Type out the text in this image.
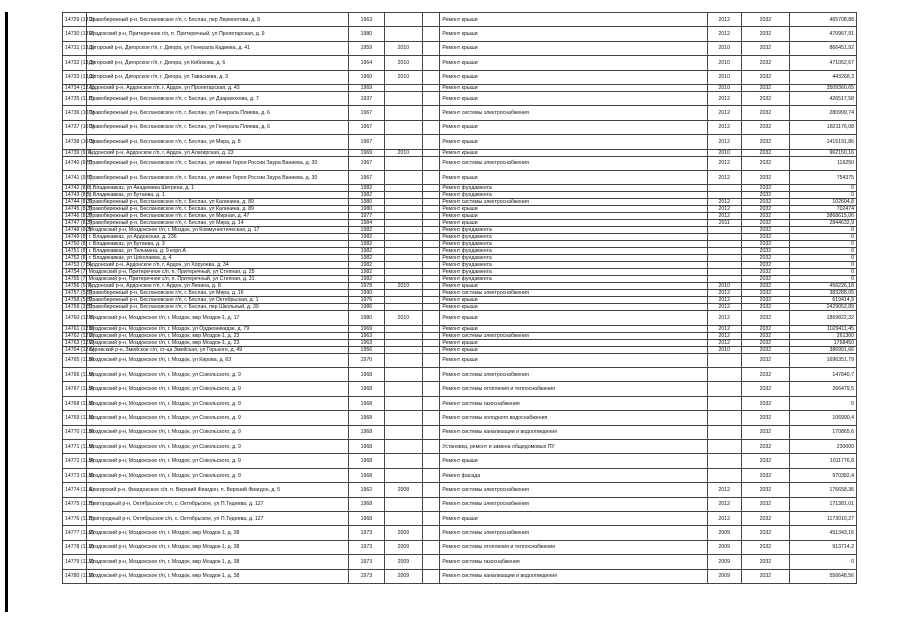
14729 (13.2)	Правобережный р-н, Беслановское г/п, г. Беслан, пер Лермонтова, д. 8	1963			Ремонт крыши	2012	2032	465708,88
14730 (13.2)	Моздокский р-н, Притеречное г/п, п. Притеречный, ул Пролетарская, д. 9	1980			Ремонт крыши	2012	2032	470967,91
14731 (13.2)	Дигорский р-н, Дигорское г/п, г. Дигора, ул Генерала Кадиева, д. 41	1959	2010		Ремонт крыши	2010	2032	866451,92
14732 (13.2)	Дигорский р-н, Дигорское г/п, г. Дигора, ул Кибизова, д. 6	1964	2010		Ремонт крыши	2010	2032	471052,67
14733 (13.2)	Дигорский р-н, Дигорское г/п, г. Дигора, ул Тавасиева, д. 3	1960	2010		Ремонт крыши	2010	2032	443268,3
14734 (12.1)	Ардонский р-н, Ардонское г/п, г. Ардон, ул Пролетарская, д. 43	1969			Ремонт крыши	2010	2032	3509360,65
14735 (11.5)	Правобережный р-н, Беслановское г/п, г. Беслан, ул Дзарахохова, д. 7	1937			Ремонт крыши	2012	2032	426517,58
14736 (10.3)	Правобережный р-н, Беслановское г/п, г. Беслан, ул Генерала Плиева, д. 6	1967			Ремонт системы электроснабжения	2012	2032	280999,74
14737 (10.3)	Правобережный р-н, Беслановское г/п, г. Беслан, ул Генерала Плиева, д. 6	1967			Ремонт крыши	2012	2032	1821176,08
14738 (10.3)	Правобережный р-н, Беслановское г/п, г. Беслан, ул Мира, д. 8	1967			Ремонт крыши	2012	2032	1415191,86
14739 (9.7)	Ардонский р-н, Ардонское г/п, г. Ардон, ул Алагирская, д. 23	1969	2010		Ремонт крыши	2010	2032	962150,16
14740 (9.5)	Правобережный р-н, Беслановское г/п, г. Беслан, ул имени Героя России Заура Ваниева, д. 30	1967			Ремонт системы электроснабжения	2012	2032	116250
14741 (9.5)	Правобережный р-н, Беслановское г/п, г. Беслан, ул имени Героя России Заура Ваниева, д. 30	1967			Ремонт крыши	2012	2032	754375
14742 (8.6)	г. Владикавказ, ул Академика Шегрена, д. 1	1982			Ремонт фундамента		2032	0
14743 (8.5)	г. Владикавказ, ул Бутаева, д. 1	1982			Ремонт фундамента		2032	0
14744 (8.3)	Правобережный р-н, Беслановское г/п, г. Беслан, ул Калинина, д. 89	1980			Ремонт системы электроснабжения	2012	2032	102604,8
14745 (8.3)	Правобережный р-н, Беслановское г/п, г. Беслан, ул Калинина, д. 89	1980			Ремонт крыши	2012	2032	702474
14746 (8.3)	Правобережный р-н, Беслановское г/п, г. Беслан, ул Мирная, д. 47	1977			Ремонт крыши	2012	2032	3868615,06
14747 (8.3)	Правобережный р-н, Беслановское г/п, г. Беслан, ул Мира, д. 14	1984			Ремонт крыши	2011	2032	2844632,9
14748 (8.3)	Моздокский р-н, Моздокское г/п, г. Моздок, ул Коммунистическая, д. 17	1982			Ремонт фундамента		2032	0
14749 (8)	г. Владикавказ, ул Ардонская, д. 236	1982			Ремонт фундамента		2032	0
14750 (8)	г. Владикавказ, ул Бутаева, д. 3	1982			Ремонт фундамента		2032	0
14751 (8)	г. Владикавказ, ул Тельмана, д. 9 корп.А	1982			Ремонт фундамента		2032	0
14752 (8)	г. Владикавказ, ул Цоколаева, д. 4	1982			Ремонт фундамента		2032	0
14753 (7.5)	Ардонский р-н, Ардонское г/п, г. Ардон, ул Хоруоева, д. 34	1982			Ремонт фундамента		2032	0
14754 (7)	Моздокский р-н, Притеречное с/п, п. Притеречный, ул Степная, д. 25	1982			Ремонт фундамента		2032	0
14755 (7)	Моздокский р-н, Притеречное с/п, п. Притеречный, ул Степная, д. 31	1982			Ремонт фундамента		2032	0
14756 (5.7)	Ардонский р-н, Ардонское г/п, г. Ардон, ул Ленина, д. 8	1978	2010		Ремонт крыши	2010	2032	456226,18
14757 (5.5)	Правобережный р-н, Беслановское г/п, г. Беслан, ул Мира, д. 16	1990			Ремонт системы электроснабжения	2012	2032	383288,05
14758 (5.5)	Правобережный р-н, Беслановское г/п, г. Беслан, ул Октябрьская, д. 1	1976			Ремонт крыши	2012	2032	619414,9
14759 (3.5)	Правобережный р-н, Беслановское г/п, г. Беслан, пер Школьный, д. 39	1986			Ремонт крыши	2012	2032	2429052,89
14760 (12.5)	Моздокский р-н, Моздокское г/п, г. Моздок, мкр Моздок-1, д. 17	1980	2010		Ремонт крыши	2012	2032	1869822,32
14761 (12.5)	Моздокский р-н, Моздокское г/п, г. Моздок, ул Орджоникидзе, д. 79	1969			Ремонт крыши	2012	2032	1029411,45
14762 (12.2)	Моздокский р-н, Моздокское г/п, г. Моздок, мкр Моздок-1, д. 23	1963			Ремонт системы электроснабжения	2012	2032	261300
14763 (12.2)	Моздокский р-н, Моздокское г/п, г. Моздок, мкр Моздок-1, д. 23	1963			Ремонт крыши	2012	2032	1768450
14764 (12.1)	Кировский р-н, Змейское с/п, ст-ца Змейская, ул Горького, д. 49	1956			Ремонт крыши	2010	2032	386991,66
14765 (11.5)	Моздокский р-н, Моздокское г/п, г. Моздок, ул Кирова, д. 63	1970			Ремонт крыши		2032	1696351,79
14766 (11.5)	Моздокский р-н, Моздокское г/п, г. Моздок, ул Сокольского, д. 9	1968			Ремонт системы электроснабжения		2032	147840,7
14767 (11.5)	Моздокский р-н, Моздокское г/п, г. Моздок, ул Сокольского, д. 9	1968			Ремонт системы отопления и теплоснабжения		2032	266479,5
14768 (11.5)	Моздокский р-н, Моздокское г/п, г. Моздок, ул Сокольского, д. 9	1968			Ремонт системы газоснабжения		2032	0
14769 (11.5)	Моздокский р-н, Моздокское г/п, г. Моздок, ул Сокольского, д. 9	1968			Ремонт системы холодного водоснабжения		2032	106990,4
14770 (11.5)	Моздокский р-н, Моздокское г/п, г. Моздок, ул Сокольского, д. 9	1968			Ремонт системы канализации и водоотведения		2032	170865,6
14771 (11.5)	Моздокский р-н, Моздокское г/п, г. Моздок, ул Сокольского, д. 9	1968			Установка, ремонт и замена общедомовых ПУ		2032	230000
14772 (11.5)	Моздокский р-н, Моздокское г/п, г. Моздок, ул Сокольского, д. 9	1968			Ремонт крыши		2032	1011776,8
14773 (11.5)	Моздокский р-н, Моздокское г/п, г. Моздок, ул Сокольского, д. 9	1968			Ремонт фасада		2032	970382,4
14774 (11.5)	Алагирский р-н, Фиагдонское с/п, п. Верхний Фиагдон, п. Верхний Фиагдон, д. 5	1962	2008		Ремонт системы электроснабжения	2012	2032	176658,36
14775 (11.5)	Пригородный р-н, Октябрьское с/п, с. Октябрьское, ул П.Тедеева, д. 127	1968			Ремонт системы электроснабжения	2012	2032	171381,01
14776 (11.5)	Пригородный р-н, Октябрьское с/п, с. Октябрьское, ул П.Тедеева, д. 127	1968			Ремонт крыши	2012	2032	1173010,27
14777 (11.2)	Моздокский р-н, Моздокское г/п, г. Моздок, мкр Моздок-1, д. 38	1973	2009		Ремонт системы электроснабжения	2009	2032	451343,16
14778 (11.2)	Моздокский р-н, Моздокское г/п, г. Моздок, мкр Моздок-1, д. 38	1973	2009		Ремонт системы отопления и теплоснабжения	2009	2032	913714,2
14779 (11.2)	Моздокский р-н, Моздокское г/п, г. Моздок, мкр Моздок-1, д. 38	1973	2009		Ремонт системы газоснабжения	2009	2032	0
14780 (11.2)	Моздокский р-н, Моздокское г/п, г. Моздок, мкр Моздок-1, д. 38	1973	2009		Ремонт системы канализации и водоотведения	2009	2032	556648,56
